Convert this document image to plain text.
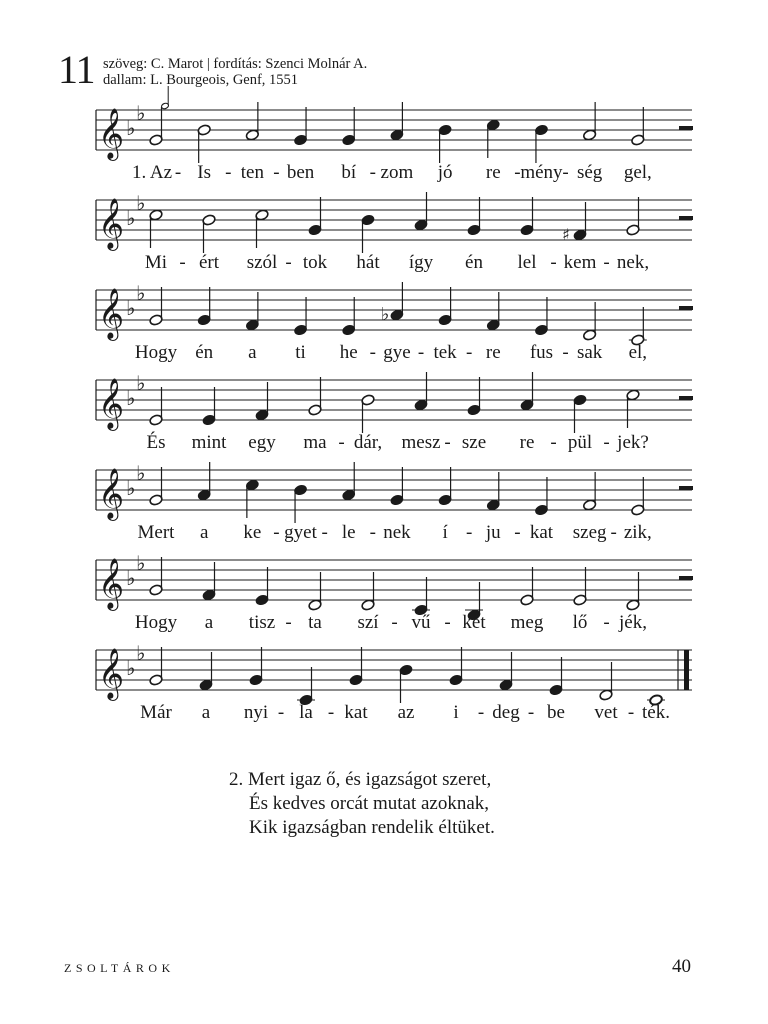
11 szöveg: C. Marot | fordítás: Szenci Molnár A.
dallam: L. Bourgeois, Genf, 1551
𝄞 ♭
♭
1. Az Is ten ben bí zom jó re mény ség gel,
- - -	-	- -
𝄞 ♭
♭
♯
Mi ért szól tok hát így én lel kem nek,
-	-	- -
𝄞 ♭
♭
♭
Hogy én a ti he gye tek re fus sak el,
- - -	-
𝄞 ♭
♭
És mint egy ma dár, mesz sze re pül jek?
-	-	- -
𝄞 ♭
♭
Mert a ke gyet le nek í ju kat szeg zik,
- - -	- -	-
𝄞 ♭
♭
Hogy a tisz ta szí vű ket meg lő jék,
-	- -	-
𝄞 ♭
♭
Már a nyi la kat az i deg be vet ték.
- -	- -	-
2. Mert igaz ő, és igazságot szeret,
És kedves orcát mutat azoknak,
Kik igazságban rendelik éltüket.
ZSOLTÁROK	40
